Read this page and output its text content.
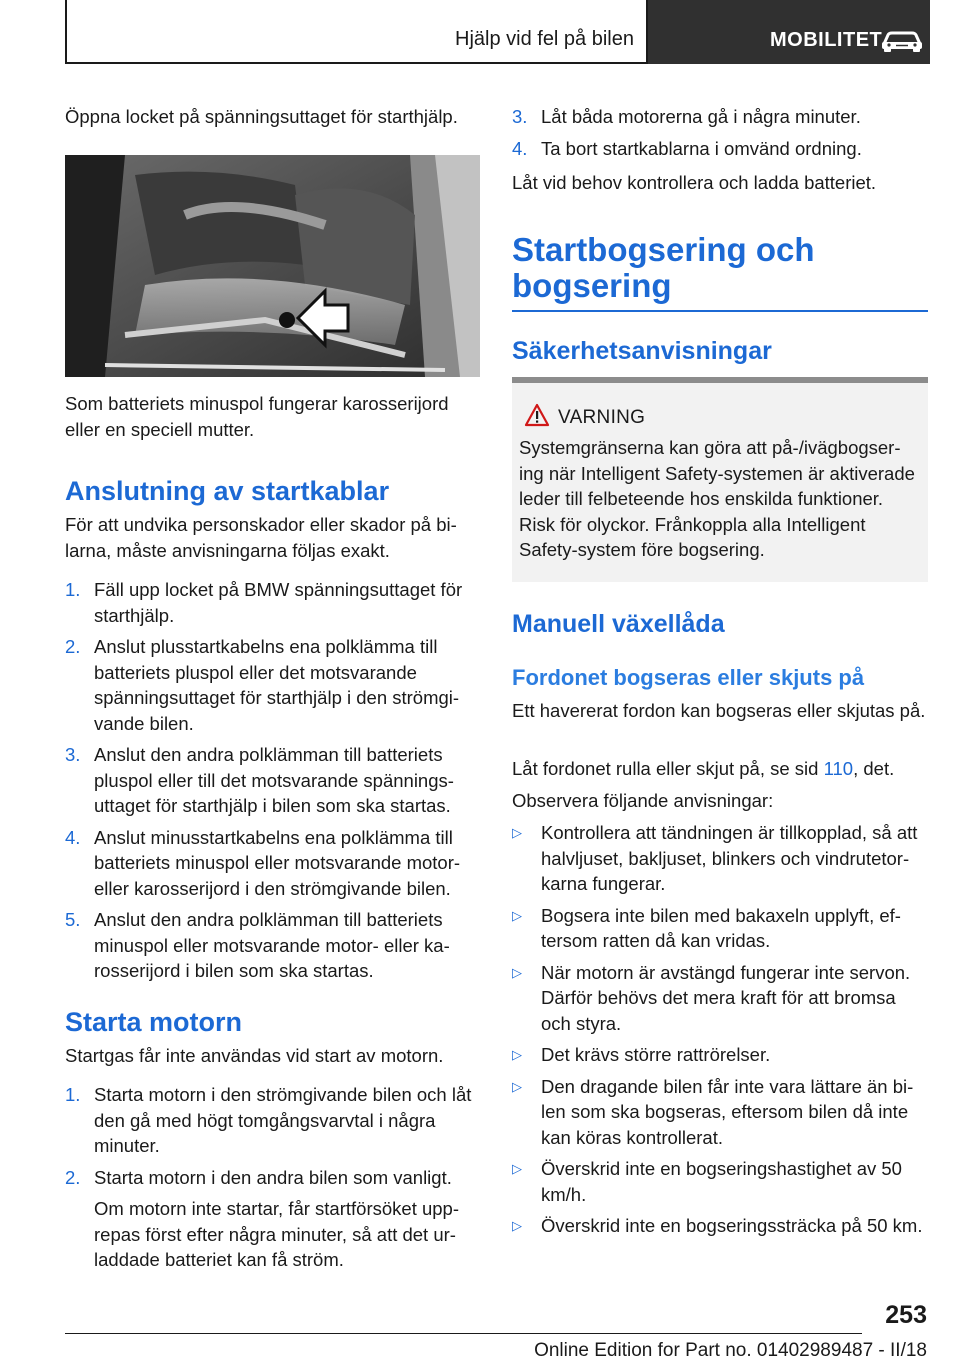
Hjälp vid fel på bilen	MOBILITET

Öppna locket på spänningsuttaget för starthjälp.

Som batteriets minuspol fungerar karosserijord eller en speciell mutter.

Anslutning av startkablar

För att undvika personskador eller skador på bilarna, måste anvisningarna följas exakt.

1. Fäll upp locket på BMW spänningsuttaget för starthjälp.
2. Anslut plusstartkabelns ena polklämma till batteriets pluspol eller det motsvarande spänningsuttaget för starthjälp i den strömgivande bilen.
3. Anslut den andra polklämman till batteriets pluspol eller till det motsvarande spänningsuttaget för starthjälp i bilen som ska startas.
4. Anslut minusstartkabelns ena polklämma till batteriets minuspol eller motsvarande motor- eller karosserijord i den strömgivande bilen.
5. Anslut den andra polklämman till batteriets minuspol eller motsvarande motor- eller karosserijord i bilen som ska startas.
Starta motorn

Startgas får inte användas vid start av motorn.

1. Starta motorn i den strömgivande bilen och låt den gå med högt tomgångsvarvtal i några minuter.
2. Starta motorn i den andra bilen som vanligt.
Om motorn inte startar, får startförsöket upprepas först efter några minuter, så att det urladdade batteriet kan få ström.
3. Låt båda motorerna gå i några minuter.
4. Ta bort startkablarna i omvänd ordning.

Låt vid behov kontrollera och ladda batteriet.

Startbogsering och bogsering
Säkerhetsanvisningar
VARNING

Systemgränserna kan göra att på-/ivägbogsering när Intelligent Safety-systemen är aktiverade leder till felbeteende hos enskilda funktioner. Risk för olyckor. Frånkoppla alla Intelligent Safety-system före bogsering.

Manuell växellåda
Fordonet bogseras eller skjuts på

Ett havererat fordon kan bogseras eller skjutas på.

Låt fordonet rulla eller skjut på, se sid 110, det.

Observera följande anvisningar:

▷ Kontrollera att tändningen är tillkopplad, så att halvljuset, bakljuset, blinkers och vindrutetorkarna fungerar.
▷ Bogsera inte bilen med bakaxeln upplyft, eftersom ratten då kan vridas.
▷ När motorn är avstängd fungerar inte servon. Därför behövs det mera kraft för att bromsa och styra.
▷ Det krävs större rattrörelser.
▷ Den dragande bilen får inte vara lättare än bilen som ska bogseras, eftersom bilen då inte kan köras kontrollerat.
▷ Överskrid inte en bogseringshastighet av 50 km/h.
▷ Överskrid inte en bogseringssträcka på 50 km.
253
Online Edition for Part no. 01402989487 - II/18
